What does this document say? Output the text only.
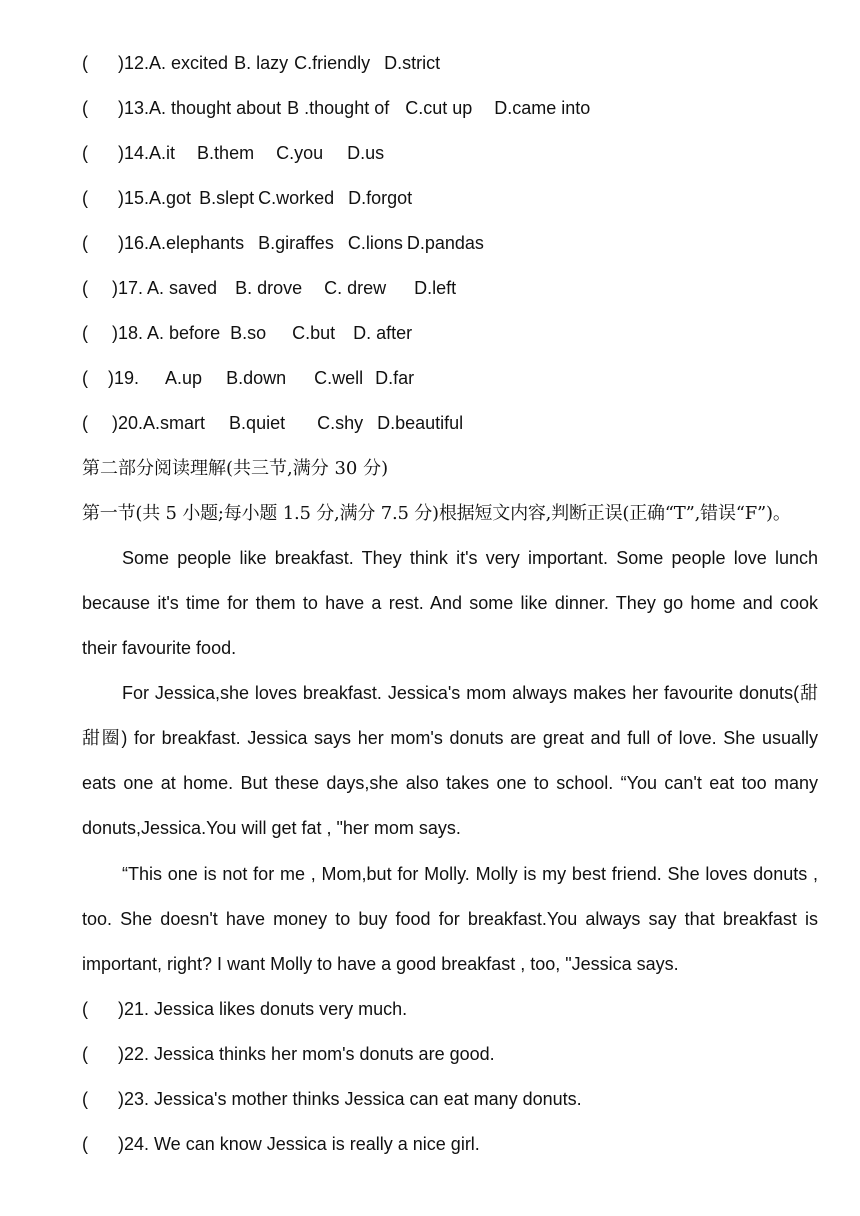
(	)12. A. excited B. lazy C.friendly D.strict
(	)13. A. thought about B .thought of C.cut up D.came into
(	)14. A.it B.them C.you D.us
(	)15. A.got B.slept C.worked D.forgot
(	)16. A.elephants B.giraffes C.lions D.pandas
(	)17. A. saved B. drove C. drew D.left
(	)18. A. before B.so C.but D. after
(	)19. A.up B.down C.well D.far
(	)20. A.smart B.quiet C.shy D.beautiful
第二部分阅读理解(共三节,满分 30 分)
第一节(共 5 小题;每小题 1.5 分,满分 7.5 分)根据短文内容,判断正误(正确“T”,错误“F”)。
Some people like breakfast. They think it's very important. Some people love lunch because it's time for them to have a rest. And some like dinner. They go home and cook their favourite food.
For Jessica,she loves breakfast. Jessica's mom always makes her favourite donuts(甜甜圈) for breakfast. Jessica says her mom's donuts are great and full of love. She usually eats one at home. But these days,she also takes one to school. “You can't eat too many donuts,Jessica.You will get fat , "her mom says.
“This one is not for me , Mom,but for Molly. Molly is my best friend. She loves donuts , too. She doesn't have money to buy food for breakfast.You always say that breakfast is important, right? I want Molly to have a good breakfast , too, "Jessica says.
(	)21. Jessica likes donuts very much.
(	)22. Jessica thinks her mom's donuts are good.
(	)23. Jessica's mother thinks Jessica can eat many donuts.
(	)24. We can know Jessica is really a nice girl.
